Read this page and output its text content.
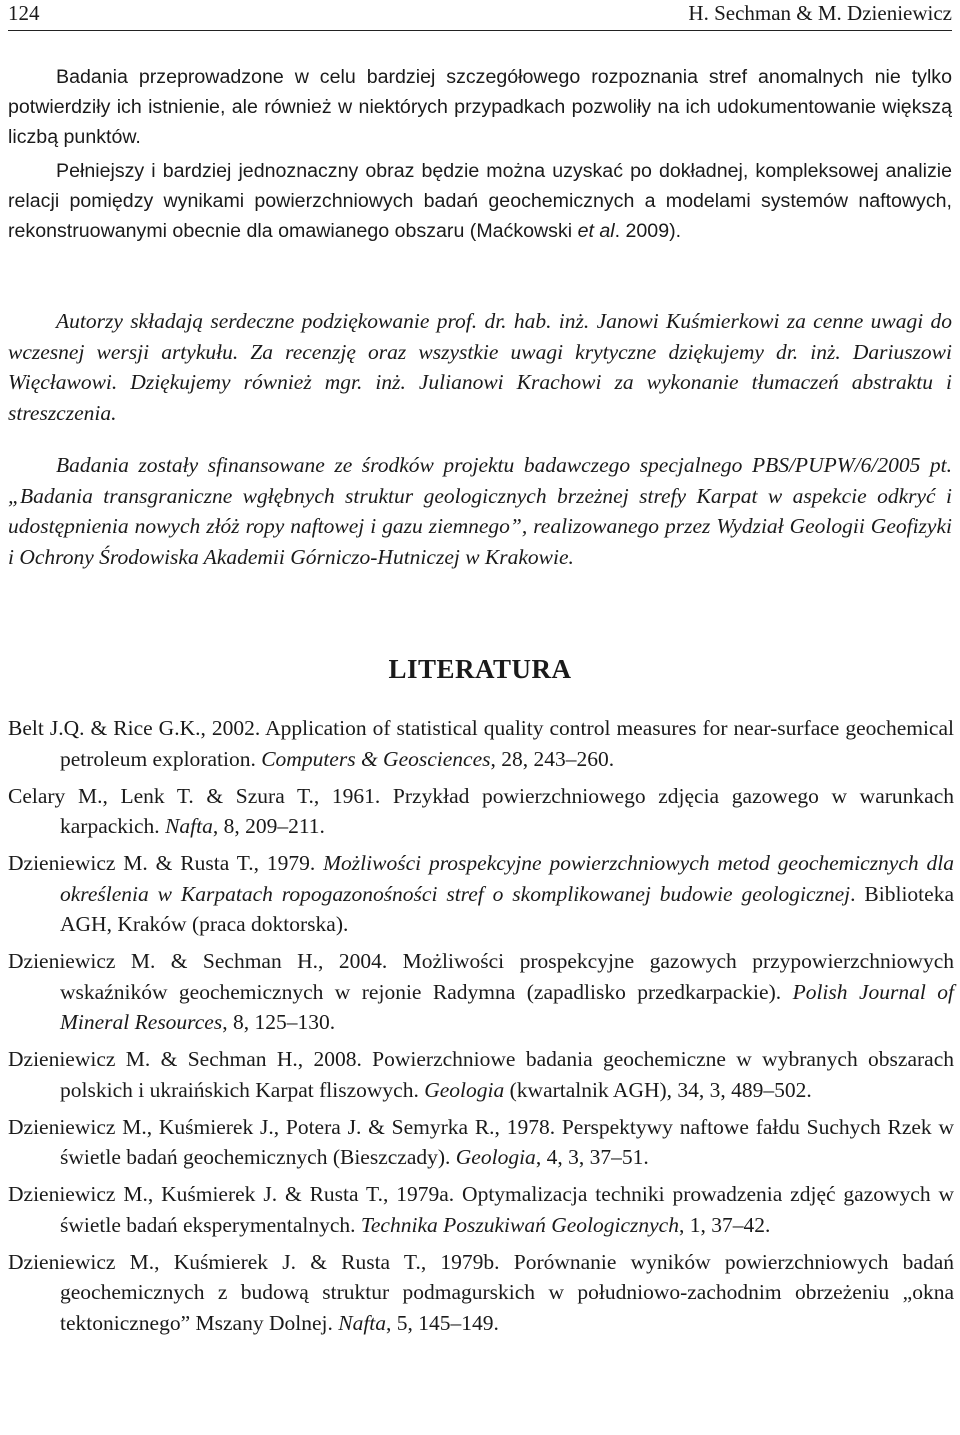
124	H. Sechman & M. Dzieniewicz

Badania przeprowadzone w celu bardziej szczegółowego rozpoznania stref anomalnych nie tylko potwierdziły ich istnienie, ale również w niektórych przypadkach pozwoliły na ich udokumentowanie większą liczbą punktów.

Pełniejszy i bardziej jednoznaczny obraz będzie można uzyskać po dokładnej, kompleksowej analizie relacji pomiędzy wynikami powierzchniowych badań geochemicznych a modelami systemów naftowych, rekonstruowanymi obecnie dla omawianego obszaru (Maćkowski et al. 2009).

Autorzy składają serdeczne podziękowanie prof. dr. hab. inż. Janowi Kuśmierkowi za cenne uwagi do wczesnej wersji artykułu. Za recenzję oraz wszystkie uwagi krytyczne dziękujemy dr. inż. Dariuszowi Więcławowi. Dziękujemy również mgr. inż. Julianowi Krachowi za wykonanie tłumaczeń abstraktu i streszczenia.

Badania zostały sfinansowane ze środków projektu badawczego specjalnego PBS/PUPW/6/2005 pt. „Badania transgraniczne wgłębnych struktur geologicznych brzeżnej strefy Karpat w aspekcie odkryć i udostępnienia nowych złóż ropy naftowej i gazu ziemnego”, realizowanego przez Wydział Geologii Geofizyki i Ochrony Środowiska Akademii Górniczo-Hutniczej w Krakowie.

LITERATURA
Belt J.Q. & Rice G.K., 2002. Application of statistical quality control measures for near-surface geochemical petroleum exploration. Computers & Geosciences, 28, 243–260.
Celary M., Lenk T. & Szura T., 1961. Przykład powierzchniowego zdjęcia gazowego w warunkach karpackich. Nafta, 8, 209–211.
Dzieniewicz M. & Rusta T., 1979. Możliwości prospekcyjne powierzchniowych metod geochemicznych dla określenia w Karpatach ropogazonośności stref o skomplikowanej budowie geologicznej. Biblioteka AGH, Kraków (praca doktorska).
Dzieniewicz M. & Sechman H., 2004. Możliwości prospekcyjne gazowych przypowierzchniowych wskaźników geochemicznych w rejonie Radymna (zapadlisko przedkarpackie). Polish Journal of Mineral Resources, 8, 125–130.
Dzieniewicz M. & Sechman H., 2008. Powierzchniowe badania geochemiczne w wybranych obszarach polskich i ukraińskich Karpat fliszowych. Geologia (kwartalnik AGH), 34, 3, 489–502.
Dzieniewicz M., Kuśmierek J., Potera J. & Semyrka R., 1978. Perspektywy naftowe fałdu Suchych Rzek w świetle badań geochemicznych (Bieszczady). Geologia, 4, 3, 37–51.
Dzieniewicz M., Kuśmierek J. & Rusta T., 1979a. Optymalizacja techniki prowadzenia zdjęć gazowych w świetle badań eksperymentalnych. Technika Poszukiwań Geologicznych, 1, 37–42.
Dzieniewicz M., Kuśmierek J. & Rusta T., 1979b. Porównanie wyników powierzchniowych badań geochemicznych z budową struktur podmagurskich w południowo-zachodnim obrzeżeniu „okna tektonicznego” Mszany Dolnej. Nafta, 5, 145–149.
